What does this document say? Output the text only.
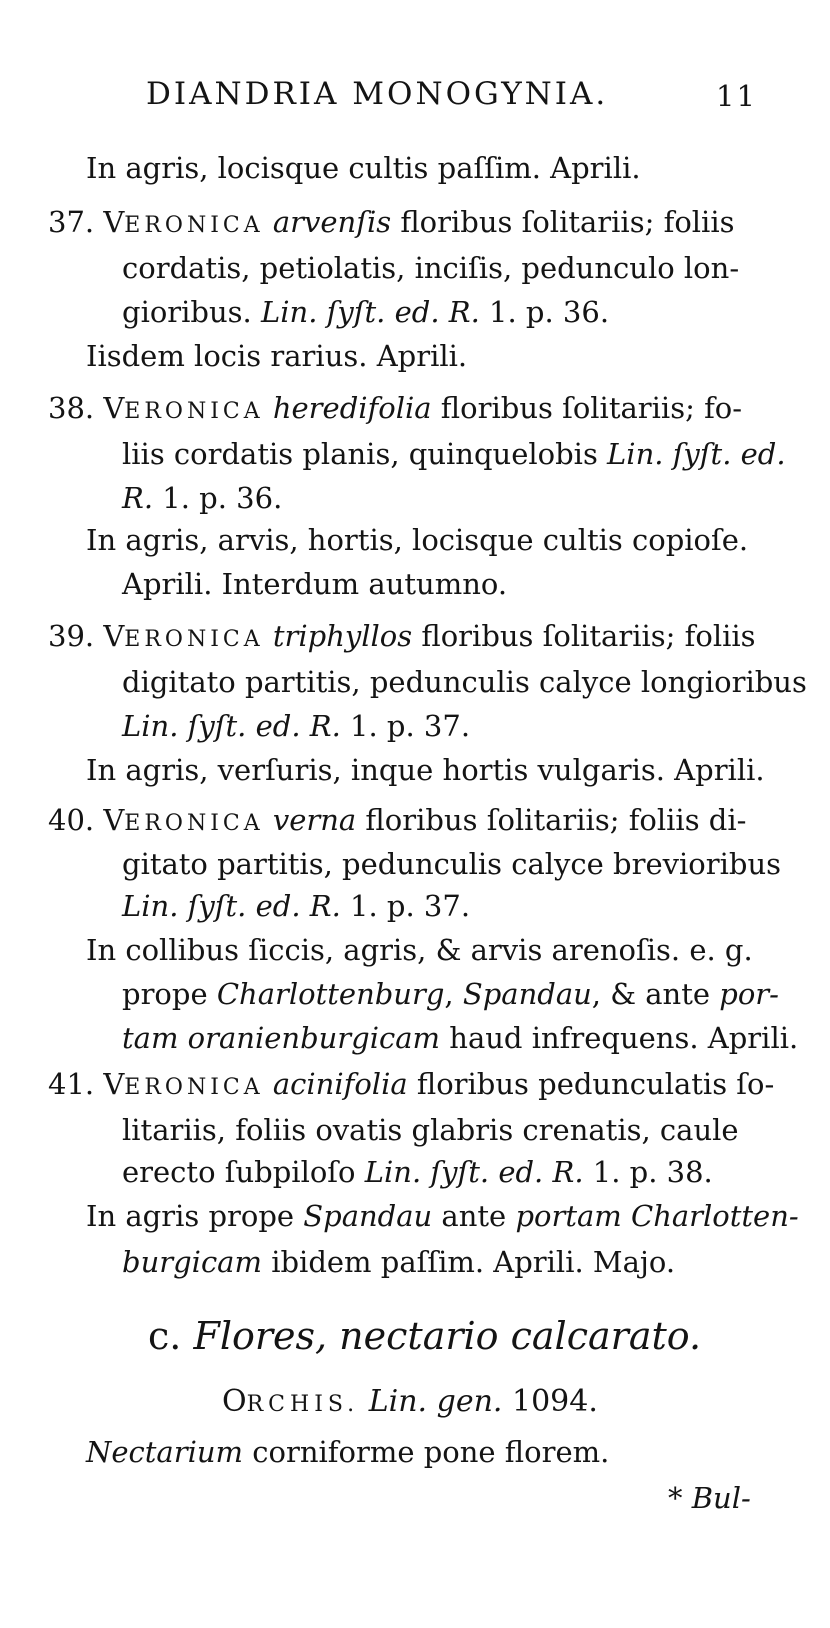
DIANDRIA MONOGYNIA.	11
In agris, locisque cultis paſſim. Aprili.
37. VERONICA arvenſis floribus ſolitariis; foliis
cordatis, petiolatis, inciſis, pedunculo lon-
gioribus. Lin. ſyſt. ed. R. 1. p. 36.
Iisdem locis rarius. Aprili.
38. VERONICA heredifolia floribus ſolitariis; fo-
liis cordatis planis, quinquelobis Lin. ſyſt. ed.
R. 1. p. 36.
In agris, arvis, hortis, locisque cultis copioſe.
Aprili. Interdum autumno.
39. VERONICA triphyllos floribus ſolitariis; foliis
digitato partitis, pedunculis calyce longioribus
Lin. ſyſt. ed. R. 1. p. 37.
In agris, verſuris, inque hortis vulgaris. Aprili.
40. VERONICA verna floribus ſolitariis; foliis di-
gitato partitis, pedunculis calyce brevioribus
Lin. ſyſt. ed. R. 1. p. 37.
In collibus ſiccis, agris, & arvis arenoſis. e. g.
prope Charlottenburg, Spandau, & ante por-
tam oranienburgicam haud infrequens. Aprili.
41. VERONICA acinifolia floribus pedunculatis ſo-
litariis, foliis ovatis glabris crenatis, caule
erecto ſubpiloſo Lin. ſyſt. ed. R. 1. p. 38.
In agris prope Spandau ante portam Charlotten-
burgicam ibidem paſſim. Aprili. Majo.
c. Flores, nectario calcarato.
ORCHIS. Lin. gen. 1094.
Nectarium corniforme pone florem.
* Bul-
